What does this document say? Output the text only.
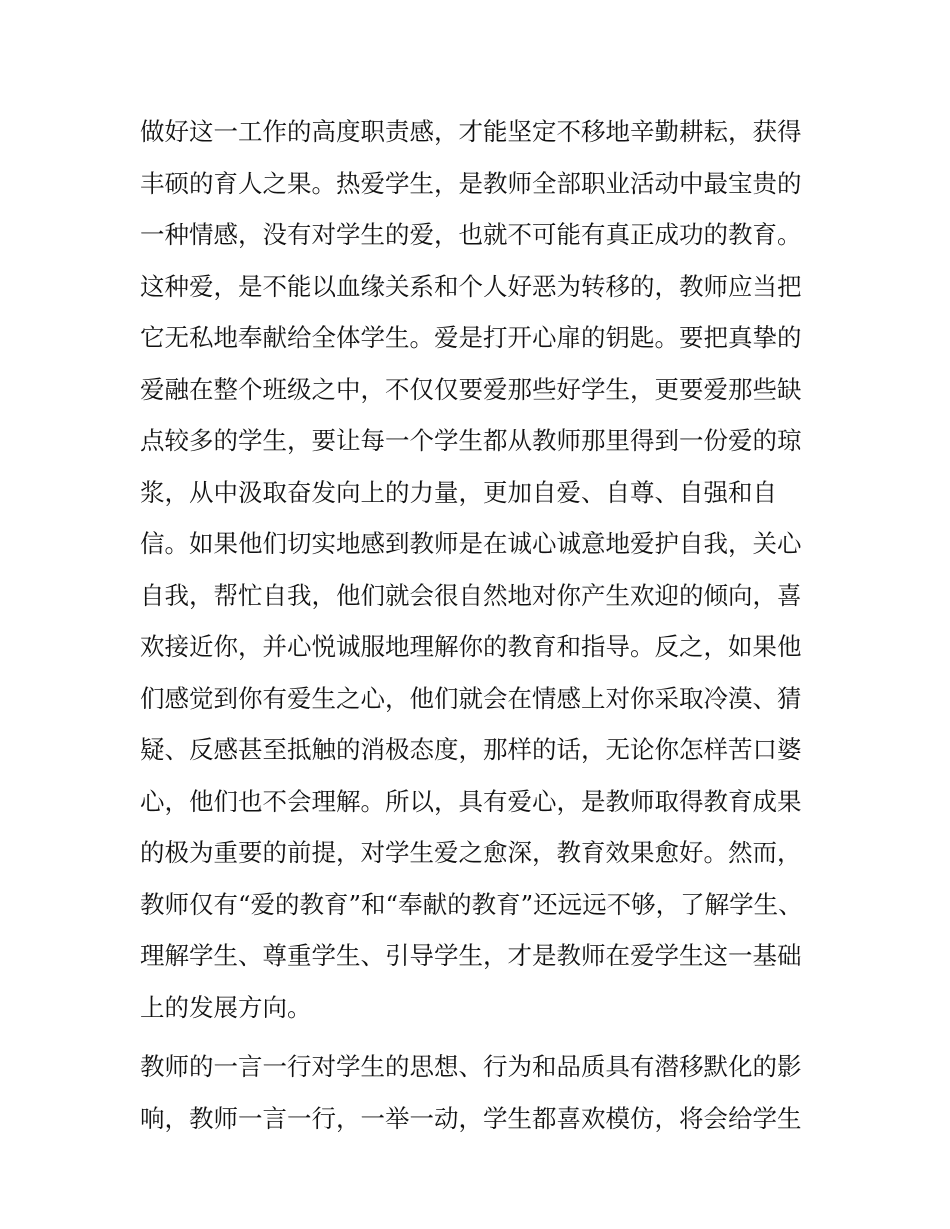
做好这一工作的高度职责感，才能坚定不移地辛勤耕耘，获得
丰硕的育人之果。热爱学生，是教师全部职业活动中最宝贵的
一种情感，没有对学生的爱，也就不可能有真正成功的教育。
这种爱，是不能以血缘关系和个人好恶为转移的，教师应当把
它无私地奉献给全体学生。爱是打开心扉的钥匙。要把真挚的
爱融在整个班级之中，不仅仅要爱那些好学生，更要爱那些缺
点较多的学生，要让每一个学生都从教师那里得到一份爱的琼
浆，从中汲取奋发向上的力量，更加自爱、自尊、自强和自
信。如果他们切实地感到教师是在诚心诚意地爱护自我，关心
自我，帮忙自我，他们就会很自然地对你产生欢迎的倾向，喜
欢接近你，并心悦诚服地理解你的教育和指导。反之，如果他
们感觉到你有爱生之心，他们就会在情感上对你采取冷漠、猜
疑、反感甚至抵触的消极态度，那样的话，无论你怎样苦口婆
心，他们也不会理解。所以，具有爱心，是教师取得教育成果
的极为重要的前提，对学生爱之愈深，教育效果愈好。然而，
教师仅有“爱的教育”和“奉献的教育”还远远不够，了解学生、
理解学生、尊重学生、引导学生，才是教师在爱学生这一基础
上的发展方向。
教师的一言一行对学生的思想、行为和品质具有潜移默化的影
响，教师一言一行，一举一动，学生都喜欢模仿，将会给学生
